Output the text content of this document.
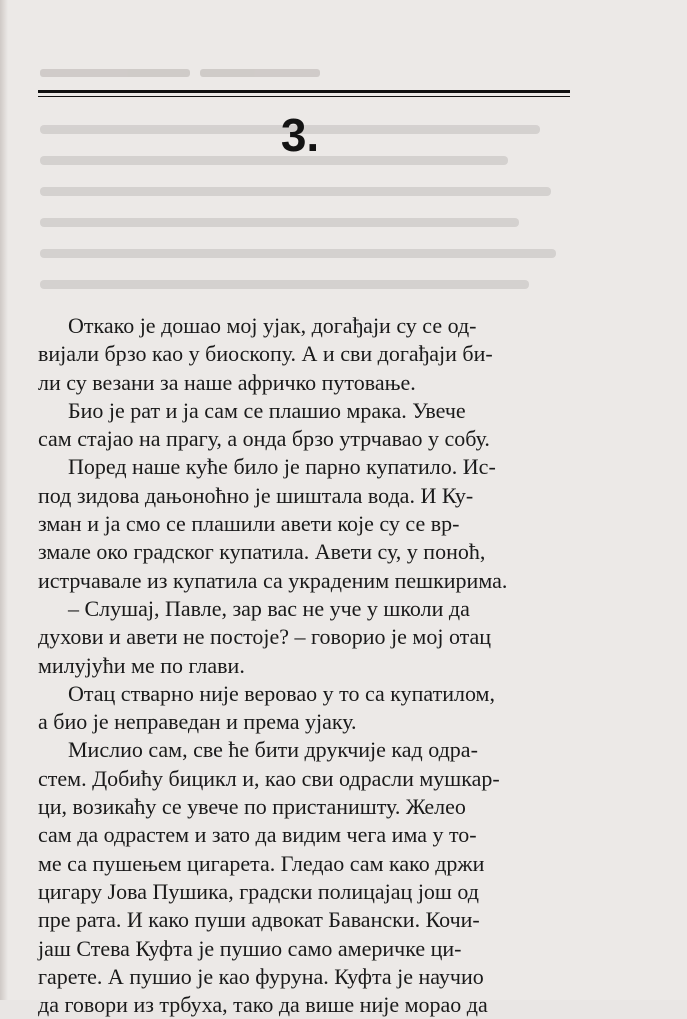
3.

Откако је дошао мој ујак, догађаји су се од-
вијали брзо као у биоскопу. А и сви догађаји би-
ли су везани за наше афричко путовање.

Био је рат и ја сам се плашио мрака. Увече
сам стајао на прагу, а онда брзо утрчавао у собу.

Поред наше куће било је парно купатило. Ис-
под зидова дањоноћно је шиштала вода. И Ку-
зман и ја смо се плашили авети које су се вр-
змале око градског купатила. Авети су, у поноћ,
истрчавале из купатила са украденим пешкирима.

– Слушај, Павле, зар вас не уче у школи да
духови и авети не постоје? – говорио је мој отац
милујући ме по глави.

Отац стварно није веровао у то са купатилом,
а био је неправедан и према ујаку.

Мислио сам, све ће бити друкчије кад одра-
стем. Добићу бицикл и, као сви одрасли мушкар-
ци, возикаћу се увече по пристаништу. Желео
сам да одрастем и зато да видим чега има у то-
ме са пушењем цигарета. Гледао сам како држи
цигару Јова Пушика, градски полицајац још од
пре рата. И како пуши адвокат Бавански. Кочи-
јаш Стева Куфта је пушио само америчке ци-
гарете. А пушио је као фуруна. Куфта је научио
да говори из трбуха, тако да више није морао да
